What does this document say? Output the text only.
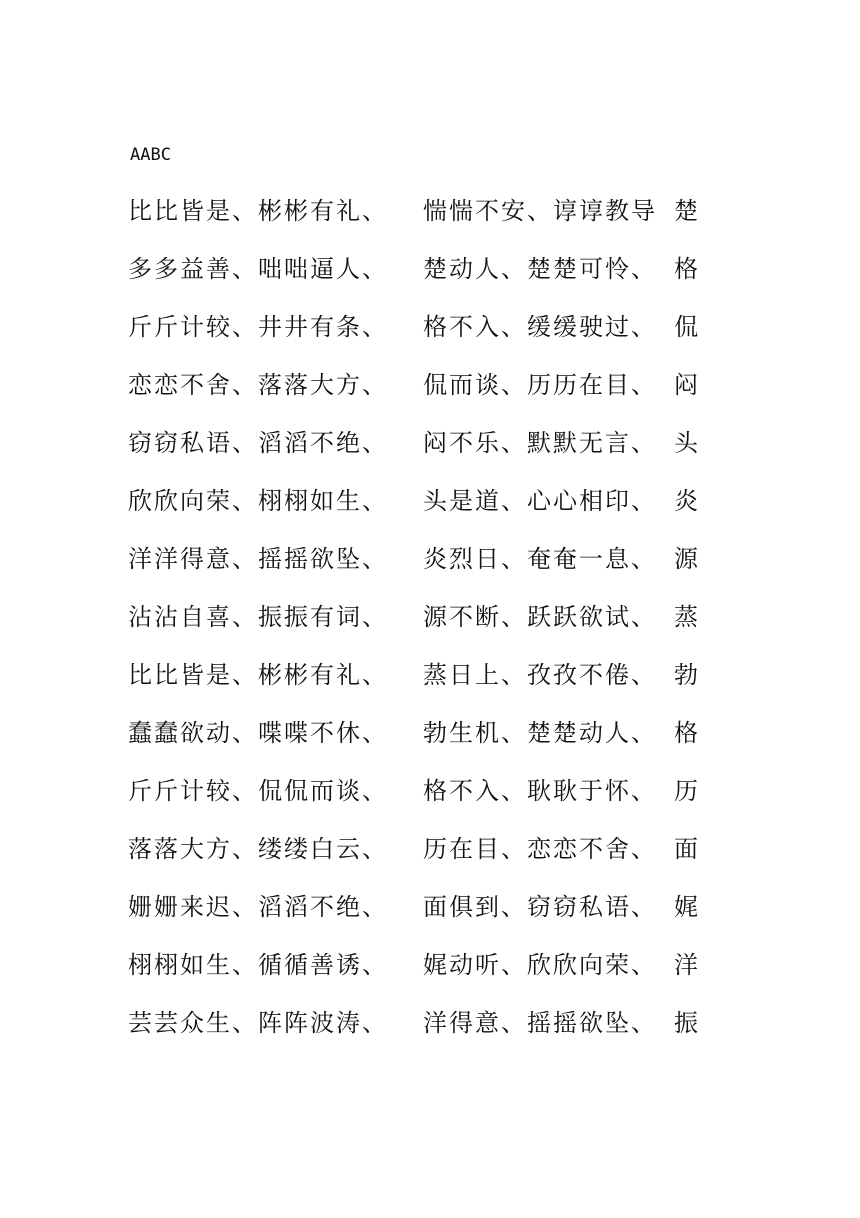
AABC
比比皆是、彬彬有礼、 惴惴不安、谆谆教导 楚
多多益善、咄咄逼人、 楚动人、楚楚可怜、 格
斤斤计较、井井有条、 格不入、缓缓驶过、 侃
恋恋不舍、落落大方、 侃而谈、历历在目、 闷
窃窃私语、滔滔不绝、 闷不乐、默默无言、 头
欣欣向荣、栩栩如生、 头是道、心心相印、 炎
洋洋得意、摇摇欲坠、 炎烈日、奄奄一息、 源
沾沾自喜、振振有词、 源不断、跃跃欲试、 蒸
比比皆是、彬彬有礼、 蒸日上、孜孜不倦、 勃
蠢蠢欲动、喋喋不休、 勃生机、楚楚动人、 格
斤斤计较、侃侃而谈、 格不入、耿耿于怀、 历
落落大方、缕缕白云、 历在目、恋恋不舍、 面
姗姗来迟、滔滔不绝、 面俱到、窃窃私语、 娓
栩栩如生、循循善诱、 娓动听、欣欣向荣、 洋
芸芸众生、阵阵波涛、 洋得意、摇摇欲坠、 振
